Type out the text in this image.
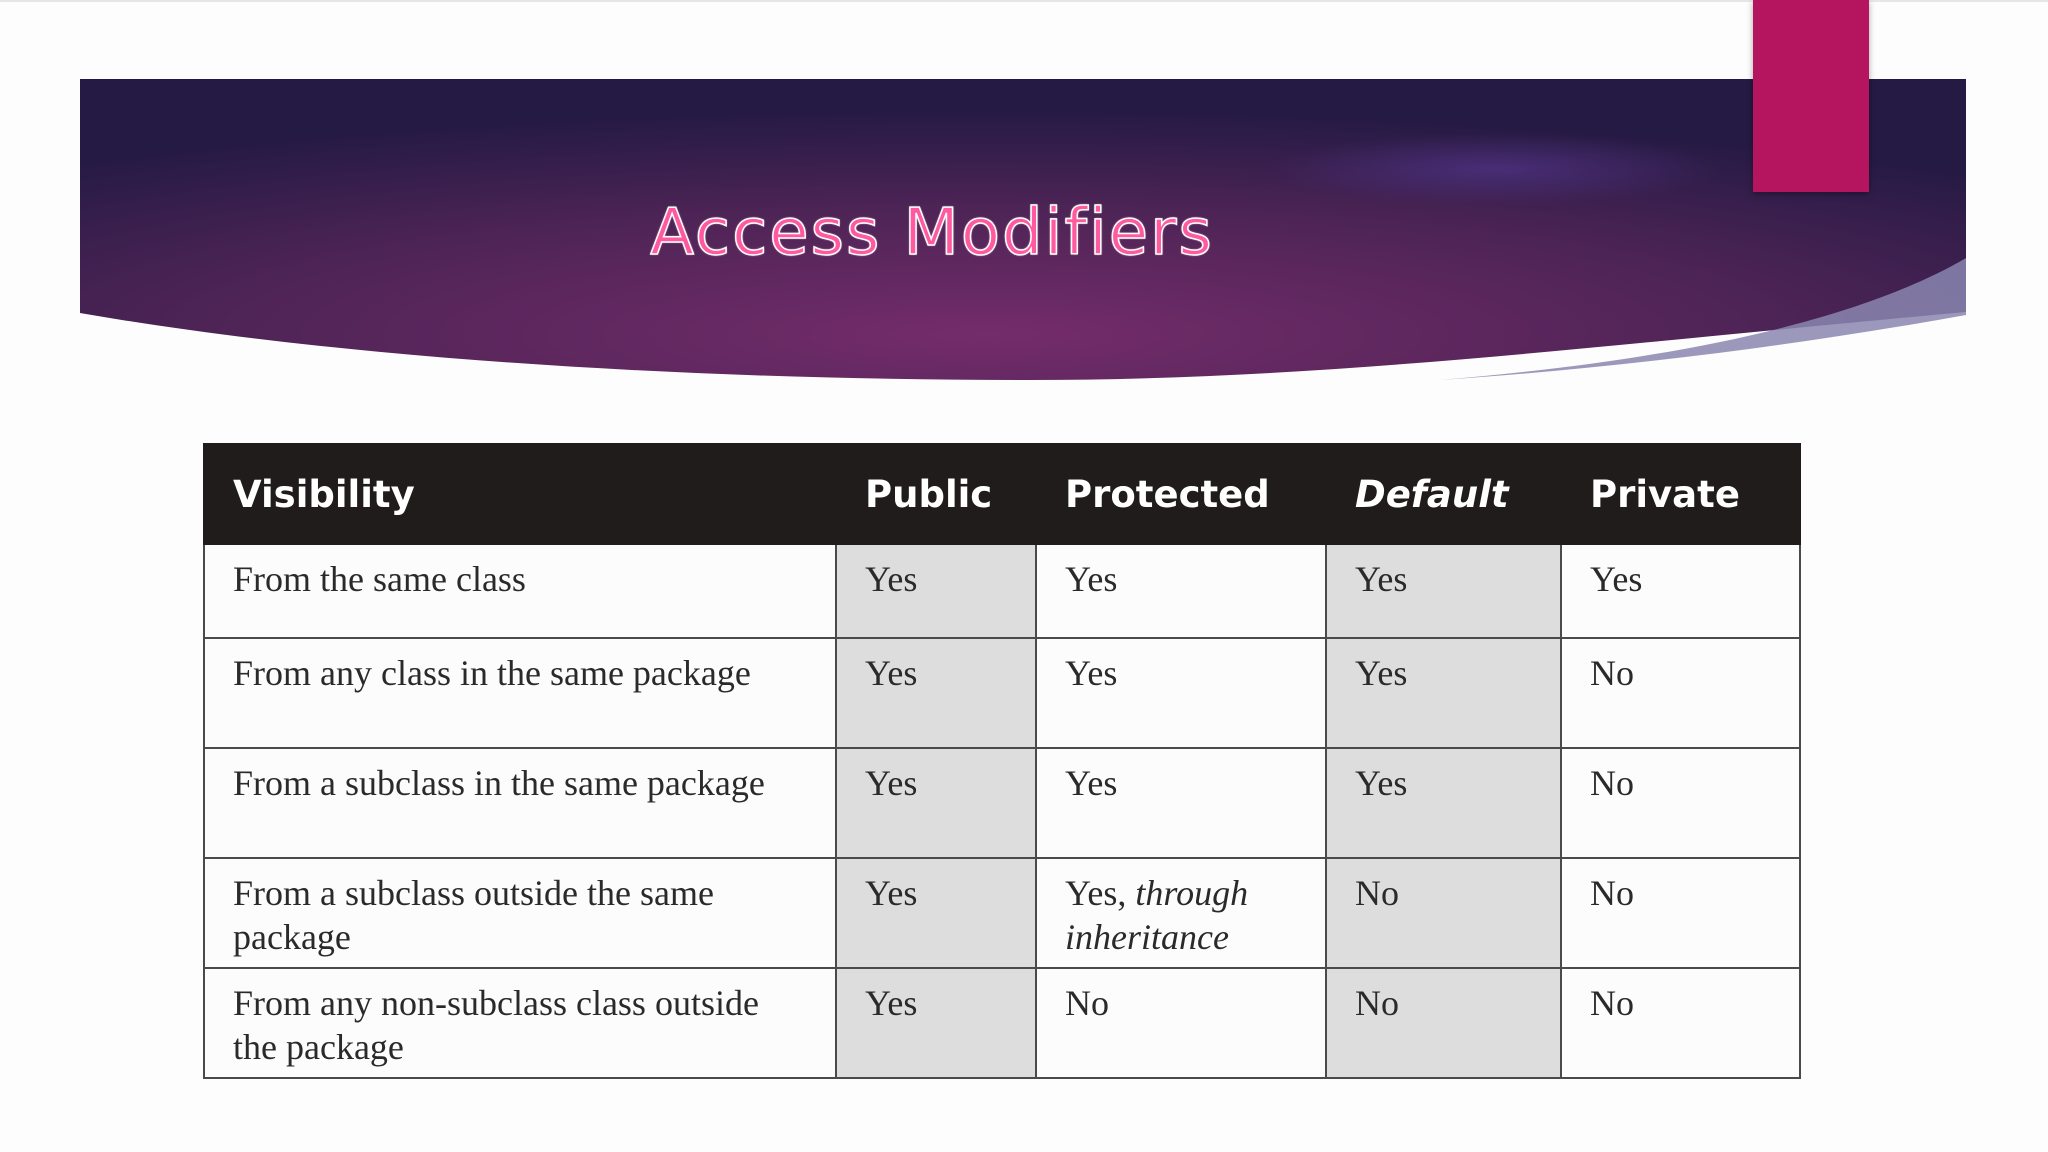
Access Modifiers
Visibility	Public	Protected	Default	Private
From the same class	Yes	Yes	Yes	Yes
From any class in the same package	Yes	Yes	Yes	No
From a subclass in the same package	Yes	Yes	Yes	No
From a subclass outside the same package	Yes	Yes, through inheritance	No	No
From any non-subclass class outside the package	Yes	No	No	No
